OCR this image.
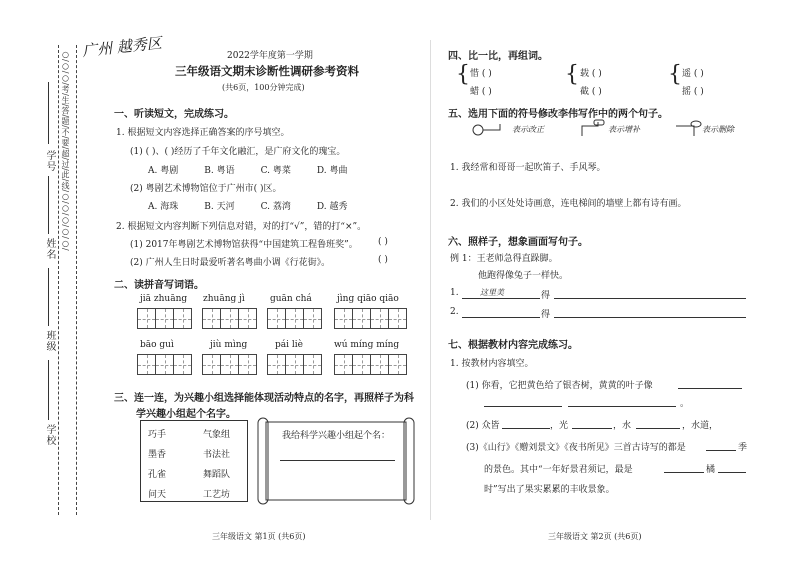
广州 越秀区
○/○/○/考/生/答/题/不/要/超/过/此/线/○/○/○/○/○/
学号
姓名
班级
学校
2022学年度第一学期
三年级语文期末诊断性调研参考资料
(共6页，100分钟完成)
一、听读短文，完成练习。
1. 根据短文内容选择正确答案的序号填空。
(1) ( )、( )经历了千年文化融汇，是广府文化的瑰宝。
A. 粤剧	B. 粤语	C. 粤菜	D. 粤曲
(2) 粤剧艺术博物馆位于广州市( )区。
A. 海珠	B. 天河	C. 荔湾	D. 越秀
2. 根据短文内容判断下列信息对错，对的打“√”，错的打“×”。
(1) 2017年粤剧艺术博物馆获得“中国建筑工程鲁班奖”。 ( )
(2) 广州人生日时最爱听著名粤曲小调《行花街》。	( )
二、读拼音写词语。
jiā zhuāng zhuāng jì	guān chá	jìng qiāo qiāo
bāo guì	jiù mìng	pái liè	wú míng míng
三、连一连，为兴趣小组选择能体现活动特点的名字，再照样子为科
学兴趣小组起个名字。
巧手
墨香
孔雀
问天
气象组
书法社
舞蹈队
工艺坊
我给科学兴趣小组起个名：
三年级语文 第1页 (共6页)	三年级语文 第2页 (共6页)
四、比一比，再组词。
{ 惜 ( )
蜡 ( )
{ 载 ( )
截 ( )
{ 遥 ( )
摇 ( )
五、选用下面的符号修改李伟写作中的两个句子。
表示改正	表示增补	表示删除
1. 我经常和哥哥一起吹笛子、手风琴。
2. 我们的小区处处诗画意，连电梯间的墙壁上都有诗有画。
六、照样子，想象画面写句子。
例 1：王老师急得直跺脚。
他跑得像兔子一样快。
1.	这里美	得
2.	得
七、根据教材内容完成练习。
1. 按教材内容填空。
(1) 你看，它把黄色给了银杏树，黄黄的叶子像
。
(2) 众皆	，光	，水	，水道，
(3)《山行》《赠刘景文》《夜书所见》三首古诗写的都是	季
的景色。其中“一年好景君须记，最是	橘
时”写出了果实累累的丰收景象。
